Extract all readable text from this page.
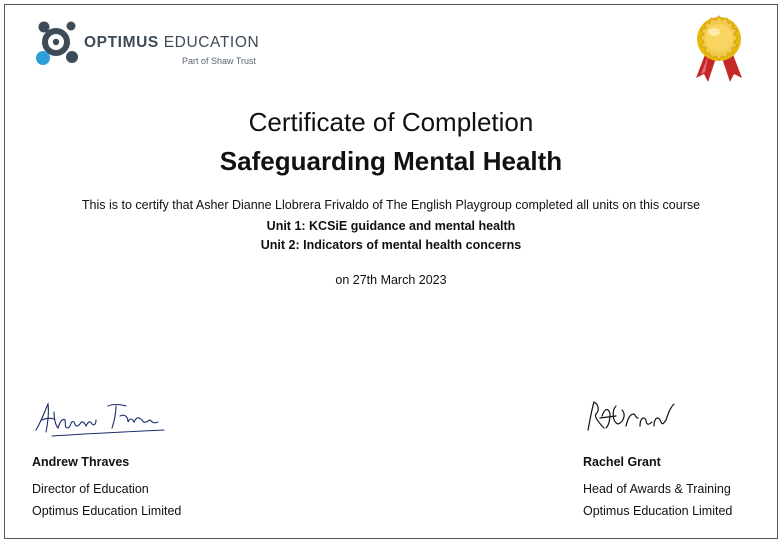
OPTIMUS EDUCATION
Part of Shaw Trust
Certificate of Completion
Safeguarding Mental Health
This is to certify that Asher Dianne Llobrera Frivaldo of The English Playgroup completed all units on this course
Unit 1: KCSiE guidance and mental health
Unit 2: Indicators of mental health concerns
on 27th March 2023
Andrew Thraves
Director of Education
Optimus Education Limited
Rachel Grant
Head of Awards & Training
Optimus Education Limited
